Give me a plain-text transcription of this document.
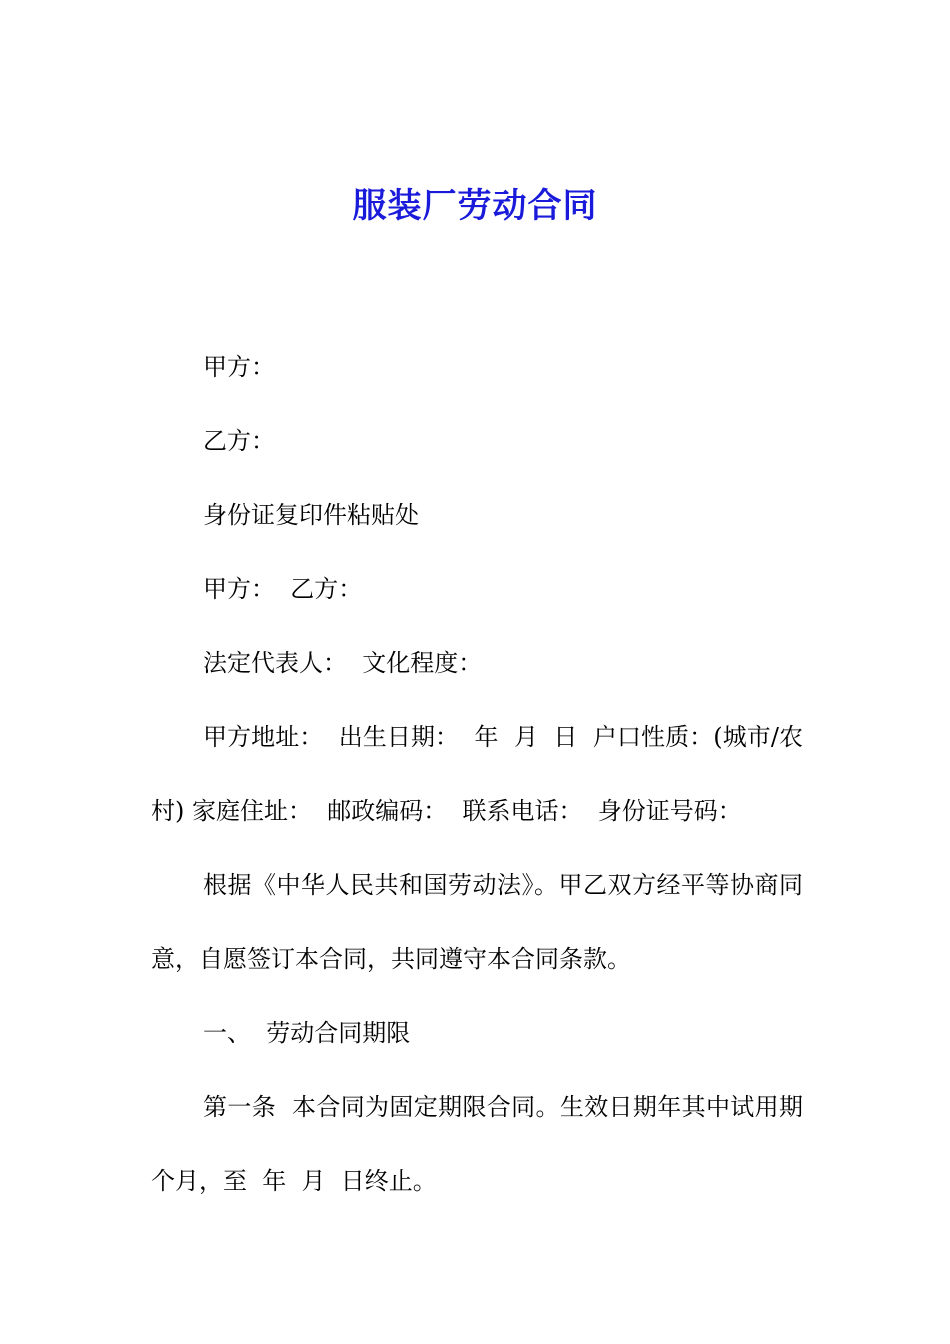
服装厂劳动合同

甲方：

乙方：

身份证复印件粘贴处

甲方：  乙方：

法定代表人：  文化程度：

甲方地址：  出生日期：  年  月  日  户口性质：(城市/农村) 家庭住址：  邮政编码：  联系电话：  身份证号码：

根据《中华人民共和国劳动法》。甲乙双方经平等协商同意，自愿签订本合同，共同遵守本合同条款。

一、  劳动合同期限

第一条  本合同为固定期限合同。生效日期年其中试用期  个月，至  年  月  日终止。
